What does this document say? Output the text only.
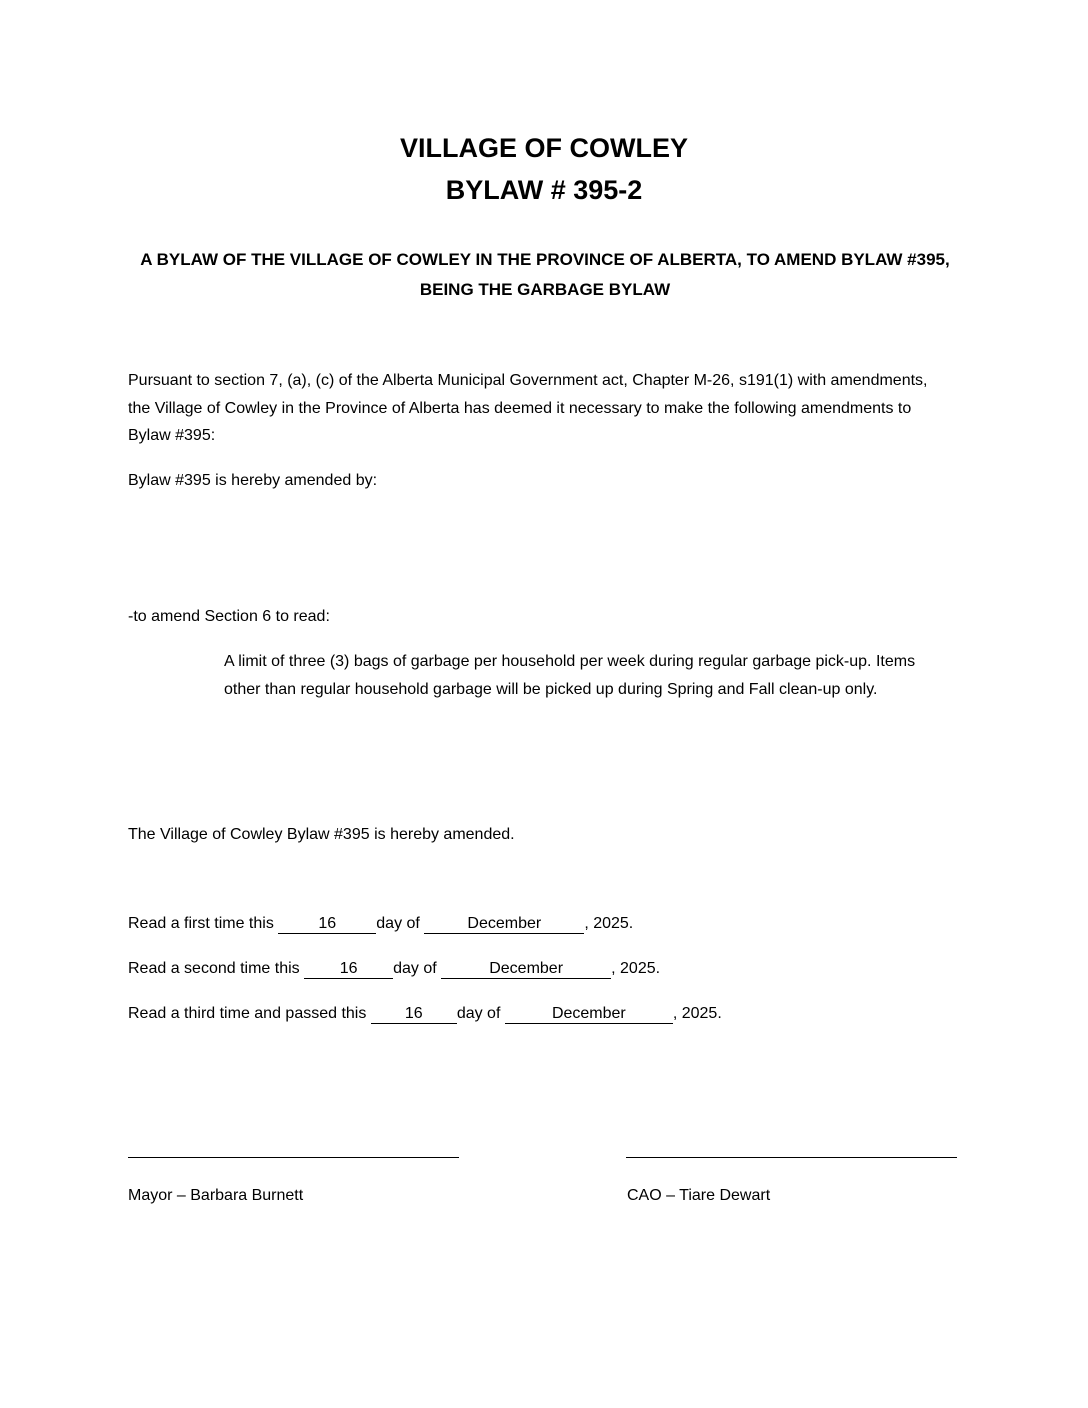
VILLAGE OF COWLEY
BYLAW # 395-2
A BYLAW OF THE VILLAGE OF COWLEY IN THE PROVINCE OF ALBERTA, TO AMEND BYLAW #395, BEING THE GARBAGE BYLAW
Pursuant to section 7, (a), (c) of the Alberta Municipal Government act, Chapter M-26, s191(1) with amendments, the Village of Cowley in the Province of Alberta has deemed it necessary to make the following amendments to Bylaw #395:
Bylaw #395 is hereby amended by:
-to amend Section 6 to read:
A limit of three (3) bags of garbage per household per week during regular garbage pick-up. Items other than regular household garbage will be picked up during Spring and Fall clean-up only.
The Village of Cowley Bylaw #395 is hereby amended.
Read a first time this	16	day of	December	, 2025.
Read a second time this 16 day of	December	, 2025.
Read a third time and passed this 16 day of	December	, 2025.
Mayor – Barbara Burnett	CAO – Tiare Dewart
